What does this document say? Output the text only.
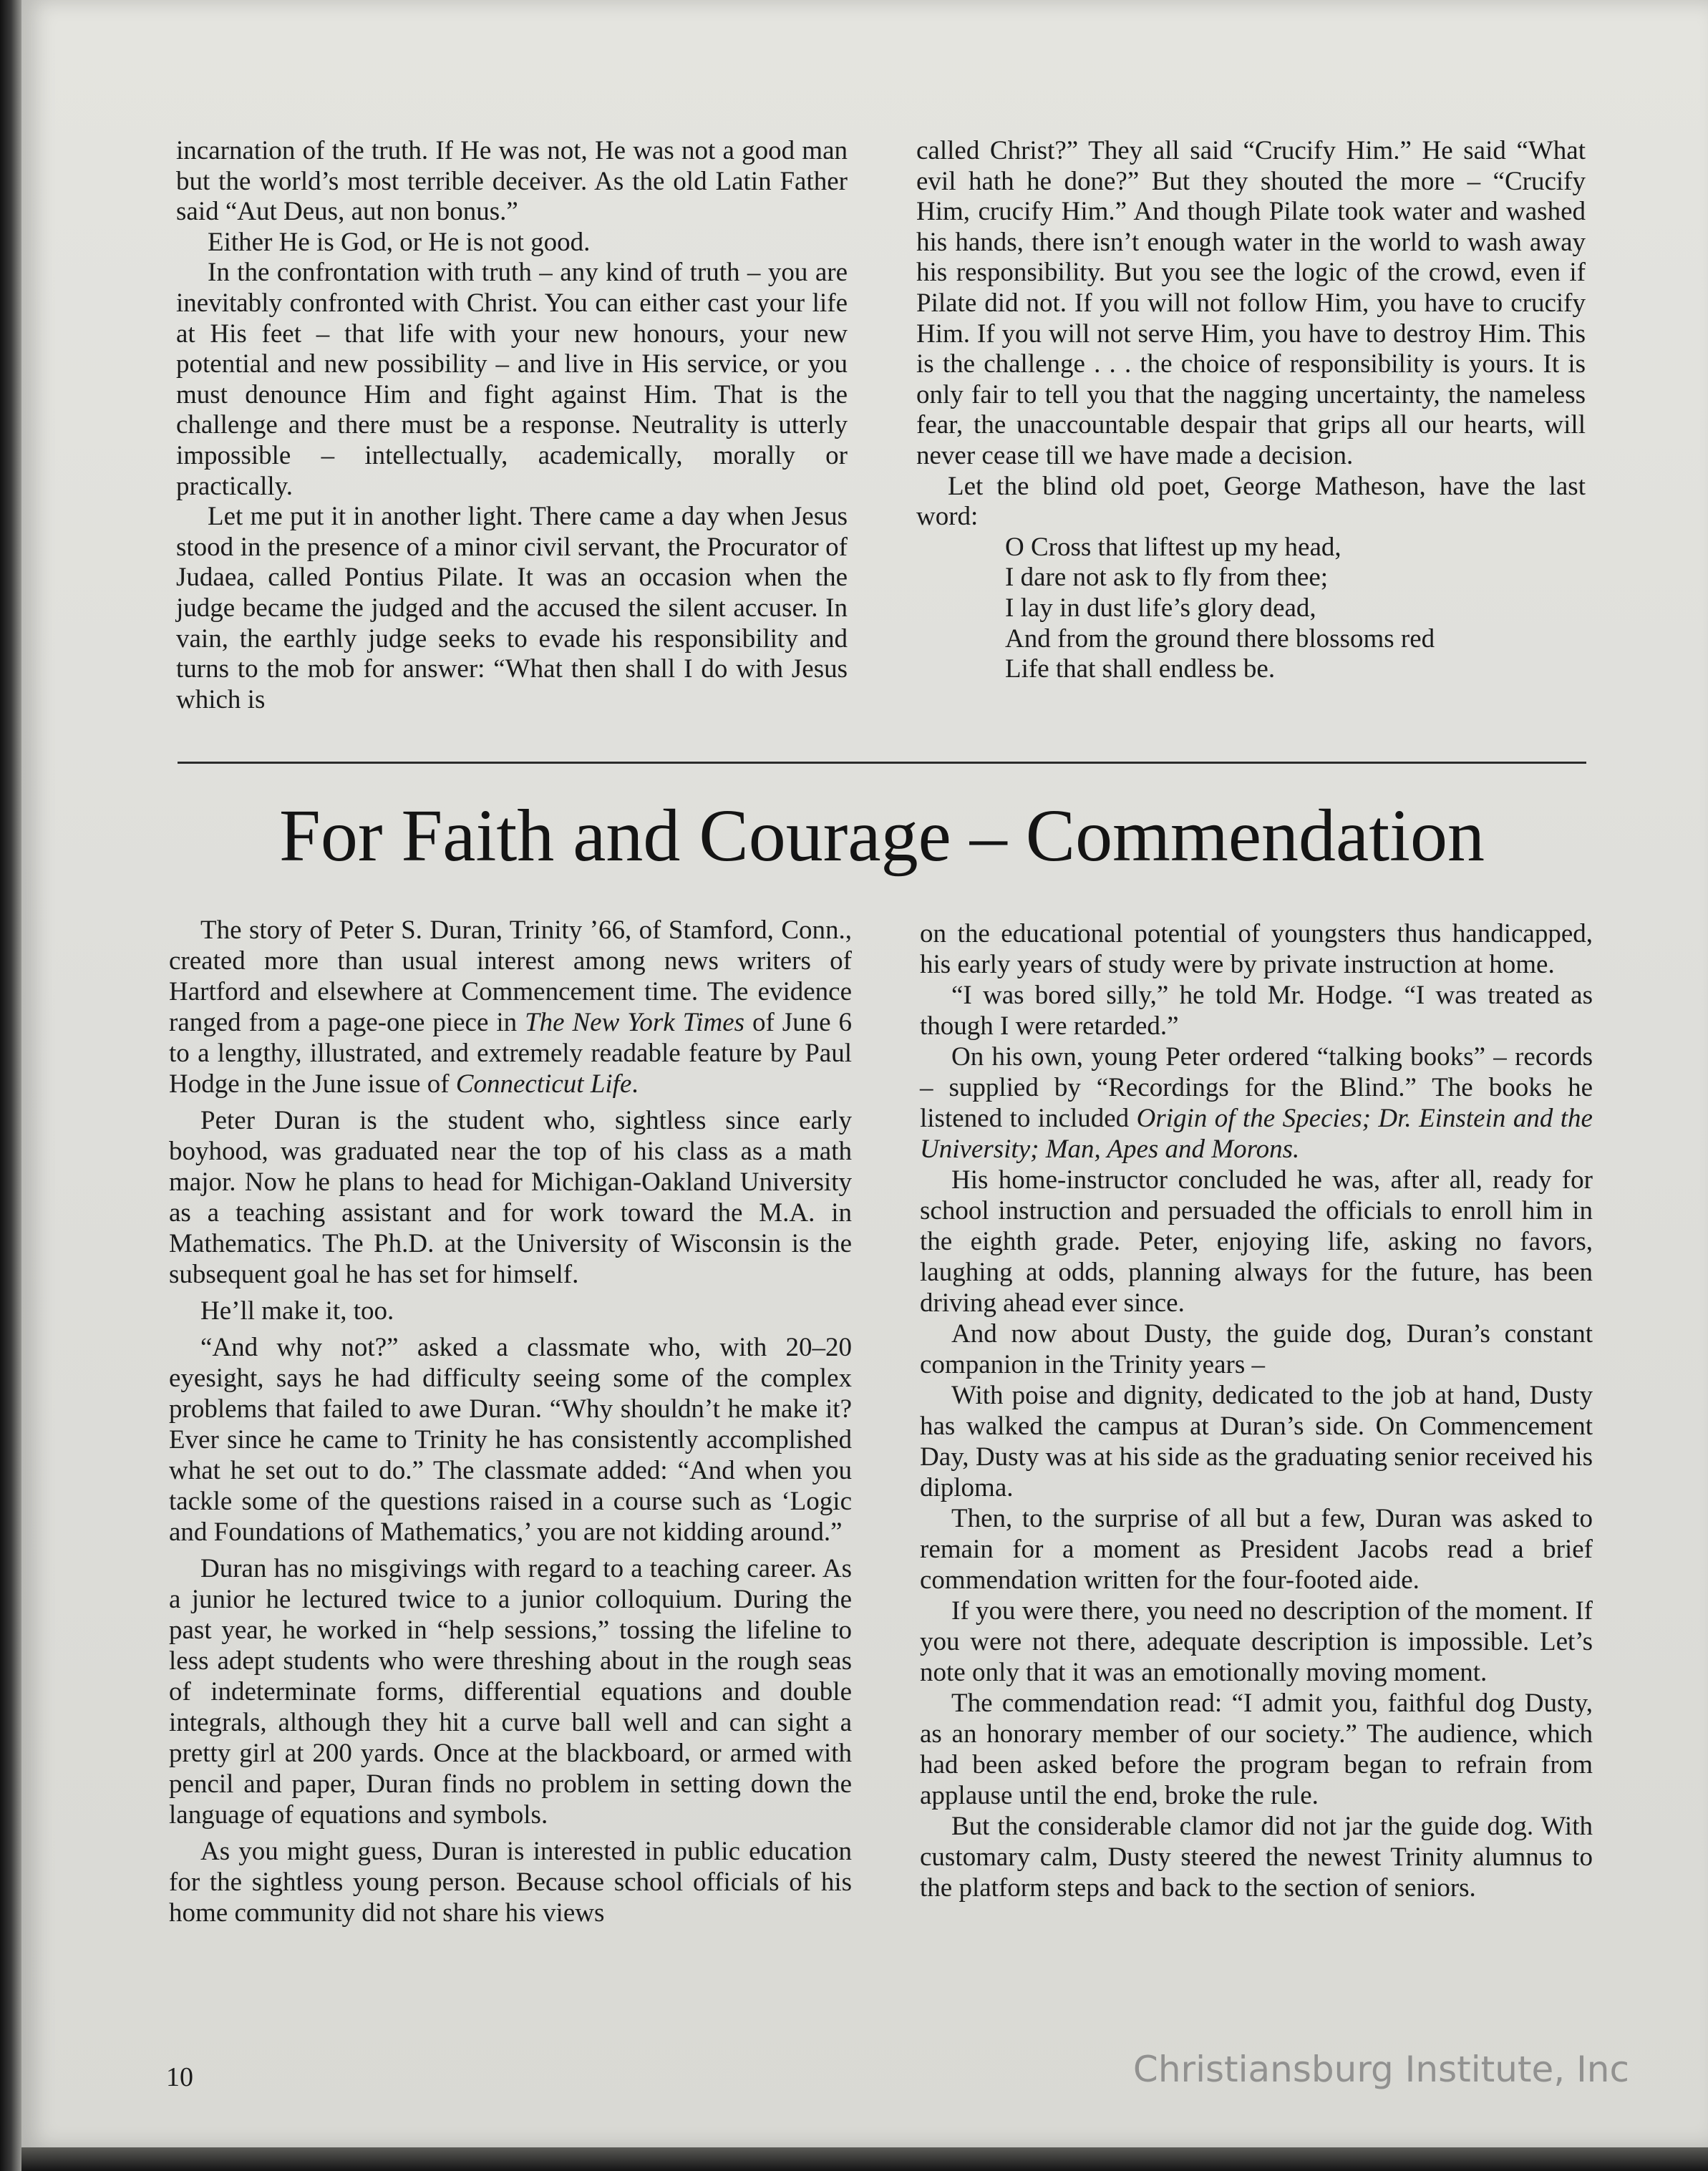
incarnation of the truth. If He was not, He was not a good man but the world’s most terrible deceiver. As the old Latin Father said “Aut Deus, aut non bonus.”

Either He is God, or He is not good.

In the confrontation with truth – any kind of truth – you are inevitably confronted with Christ. You can either cast your life at His feet – that life with your new honours, your new potential and new possibility – and live in His service, or you must denounce Him and fight against Him. That is the challenge and there must be a response. Neutrality is utterly impossible – intellectually, academically, morally or practically.

Let me put it in another light. There came a day when Jesus stood in the presence of a minor civil servant, the Procurator of Judaea, called Pontius Pilate. It was an occasion when the judge became the judged and the accused the silent accuser. In vain, the earthly judge seeks to evade his responsibility and turns to the mob for answer: “What then shall I do with Jesus which is

called Christ?” They all said “Crucify Him.” He said “What evil hath he done?” But they shouted the more – “Crucify Him, crucify Him.” And though Pilate took water and washed his hands, there isn’t enough water in the world to wash away his responsibility. But you see the logic of the crowd, even if Pilate did not. If you will not follow Him, you have to crucify Him. If you will not serve Him, you have to destroy Him. This is the challenge . . . the choice of responsibility is yours. It is only fair to tell you that the nagging uncertainty, the nameless fear, the unaccountable despair that grips all our hearts, will never cease till we have made a decision.

Let the blind old poet, George Matheson, have the last word:

O Cross that liftest up my head,
I dare not ask to fly from thee;
I lay in dust life’s glory dead,
And from the ground there blossoms red
Life that shall endless be.
For Faith and Courage – Commendation

The story of Peter S. Duran, Trinity ’66, of Stamford, Conn., created more than usual interest among news writers of Hartford and elsewhere at Commencement time. The evidence ranged from a page-one piece in The New York Times of June 6 to a lengthy, illustrated, and extremely readable feature by Paul Hodge in the June issue of Connecticut Life.

Peter Duran is the student who, sightless since early boyhood, was graduated near the top of his class as a math major. Now he plans to head for Michigan-Oakland University as a teaching assistant and for work toward the M.A. in Mathematics. The Ph.D. at the University of Wisconsin is the subsequent goal he has set for himself.

He’ll make it, too.

“And why not?” asked a classmate who, with 20–20 eyesight, says he had difficulty seeing some of the complex problems that failed to awe Duran. “Why shouldn’t he make it? Ever since he came to Trinity he has consistently accomplished what he set out to do.” The classmate added: “And when you tackle some of the questions raised in a course such as ‘Logic and Foundations of Mathematics,’ you are not kidding around.”

Duran has no misgivings with regard to a teaching career. As a junior he lectured twice to a junior colloquium. During the past year, he worked in “help sessions,” tossing the lifeline to less adept students who were threshing about in the rough seas of indeterminate forms, differential equations and double integrals, although they hit a curve ball well and can sight a pretty girl at 200 yards. Once at the blackboard, or armed with pencil and paper, Duran finds no problem in setting down the language of equations and symbols.

As you might guess, Duran is interested in public education for the sightless young person. Because school officials of his home community did not share his views

on the educational potential of youngsters thus handicapped, his early years of study were by private instruction at home.

“I was bored silly,” he told Mr. Hodge. “I was treated as though I were retarded.”

On his own, young Peter ordered “talking books” – records – supplied by “Recordings for the Blind.” The books he listened to included Origin of the Species; Dr. Einstein and the University; Man, Apes and Morons.

His home-instructor concluded he was, after all, ready for school instruction and persuaded the officials to enroll him in the eighth grade. Peter, enjoying life, asking no favors, laughing at odds, planning always for the future, has been driving ahead ever since.

And now about Dusty, the guide dog, Duran’s constant companion in the Trinity years –

With poise and dignity, dedicated to the job at hand, Dusty has walked the campus at Duran’s side. On Commencement Day, Dusty was at his side as the graduating senior received his diploma.

Then, to the surprise of all but a few, Duran was asked to remain for a moment as President Jacobs read a brief commendation written for the four-footed aide.

If you were there, you need no description of the moment. If you were not there, adequate description is impossible. Let’s note only that it was an emotionally moving moment.

The commendation read: “I admit you, faithful dog Dusty, as an honorary member of our society.” The audience, which had been asked before the program began to refrain from applause until the end, broke the rule.

But the considerable clamor did not jar the guide dog. With customary calm, Dusty steered the newest Trinity alumnus to the platform steps and back to the section of seniors.

10	Christiansburg Institute, Inc
